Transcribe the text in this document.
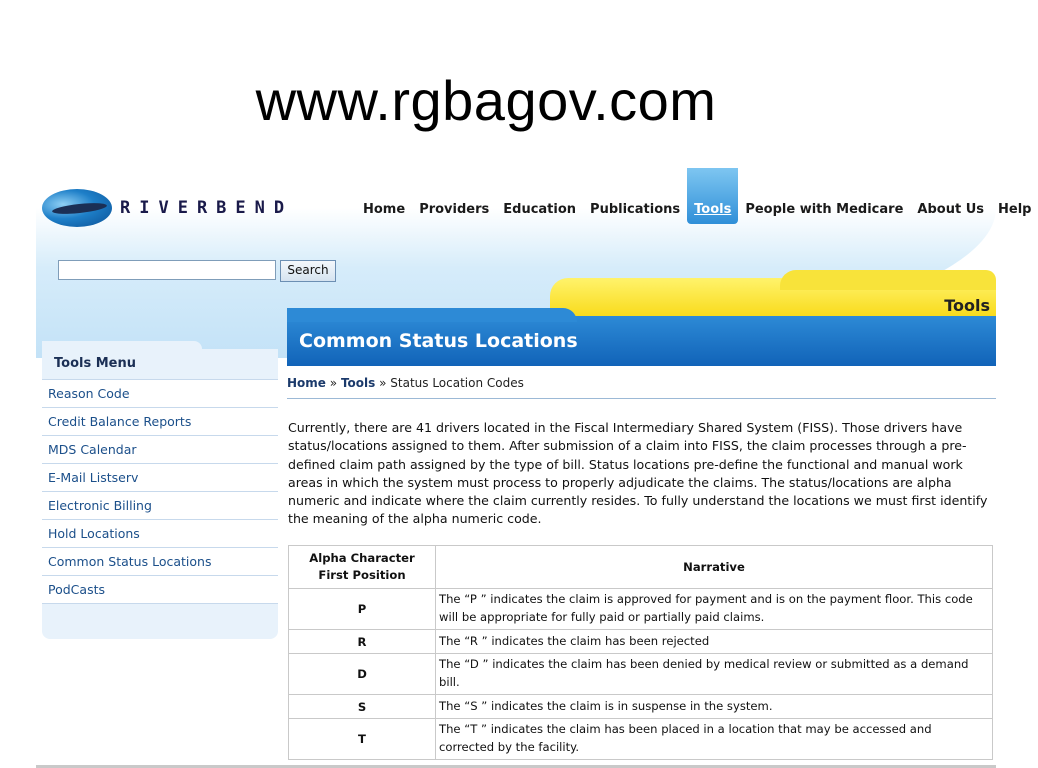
www.rgbagov.com
RIVERBEND	Home	Providers	Education	Publications	Tools	People with Medicare	About Us	Help
Search
Tools
Common Status Locations
Home » Tools » Status Location Codes
Currently, there are 41 drivers located in the Fiscal Intermediary Shared System (FISS). Those drivers have status/locations assigned to them. After submission of a claim into FISS, the claim processes through a pre-defined claim path assigned by the type of bill. Status locations pre-define the functional and manual work areas in which the system must process to properly adjudicate the claims. The status/locations are alpha numeric and indicate where the claim currently resides. To fully understand the locations we must first identify the meaning of the alpha numeric code.
Tools Menu
Reason Code
Credit Balance Reports
MDS Calendar
E-Mail Listserv
Electronic Billing
Hold Locations
Common Status Locations
PodCasts
Alpha Character
First Position	Narrative
P	The “P ” indicates the claim is approved for payment and is on the payment floor. This code will be appropriate for fully paid or partially paid claims.
R	The “R ” indicates the claim has been rejected
D	The “D ” indicates the claim has been denied by medical review or submitted as a demand bill.
S	The “S ” indicates the claim is in suspense in the system.
T	The “T ” indicates the claim has been placed in a location that may be accessed and corrected by the facility.
